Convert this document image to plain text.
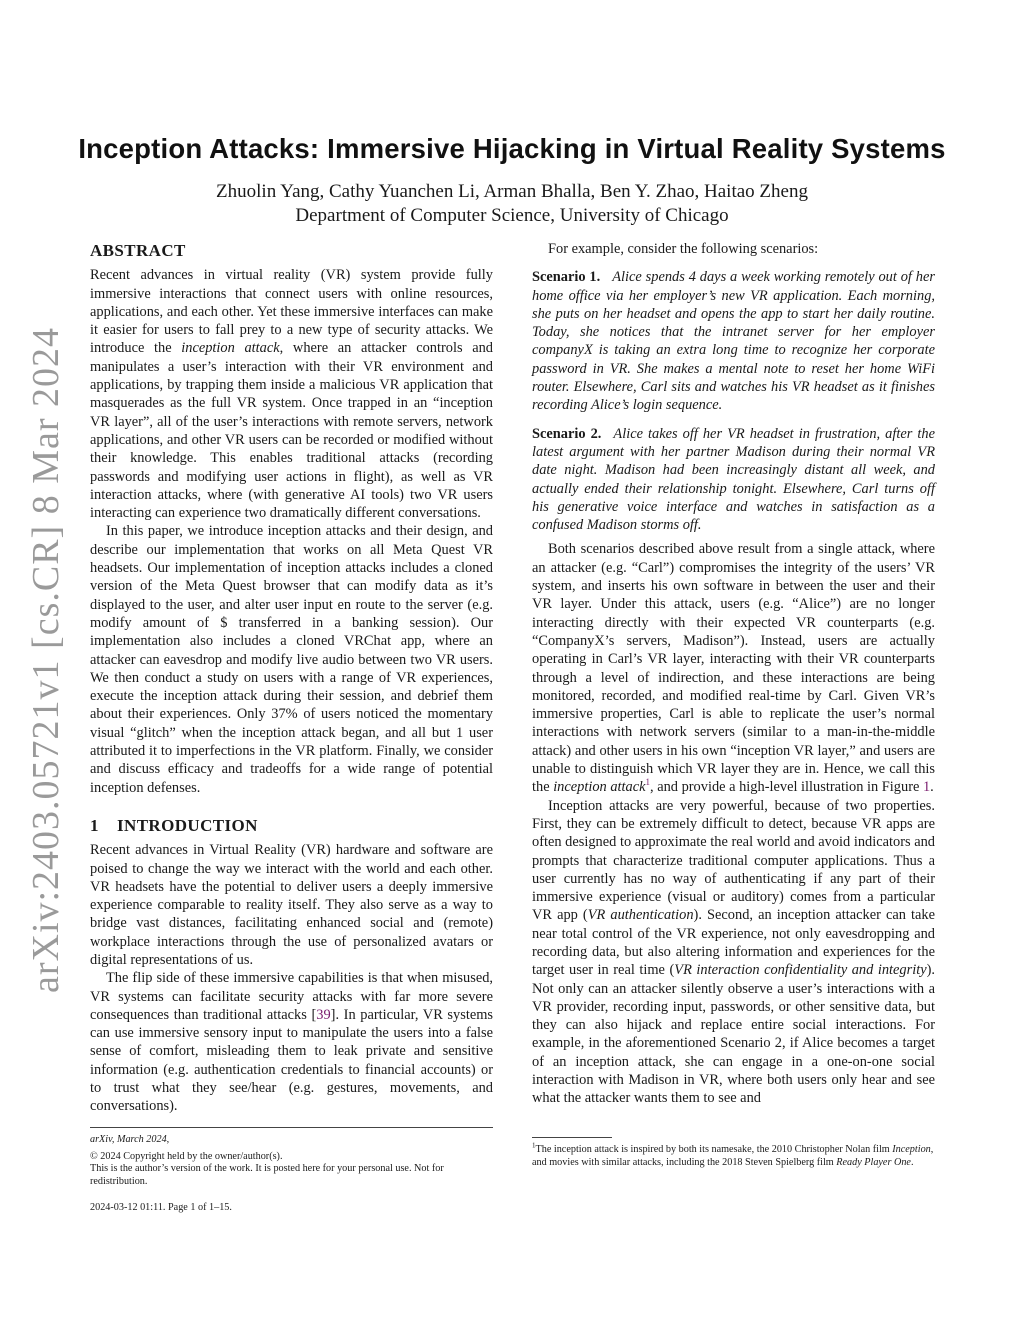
arXiv:2403.05721v1 [cs.CR] 8 Mar 2024
Inception Attacks: Immersive Hijacking in Virtual Reality Systems
Zhuolin Yang, Cathy Yuanchen Li, Arman Bhalla, Ben Y. Zhao, Haitao Zheng
Department of Computer Science, University of Chicago
ABSTRACT

Recent advances in virtual reality (VR) system provide fully immersive interactions that connect users with online resources, applications, and each other. Yet these immersive interfaces can make it easier for users to fall prey to a new type of security attacks. We introduce the inception attack, where an attacker controls and manipulates a user’s interaction with their VR environment and applications, by trapping them inside a malicious VR application that masquerades as the full VR system. Once trapped in an “inception VR layer”, all of the user’s interactions with remote servers, network applications, and other VR users can be recorded or modified without their knowledge. This enables traditional attacks (recording passwords and modifying user actions in flight), as well as VR interaction attacks, where (with generative AI tools) two VR users interacting can experience two dramatically different conversations.

In this paper, we introduce inception attacks and their design, and describe our implementation that works on all Meta Quest VR headsets. Our implementation of inception attacks includes a cloned version of the Meta Quest browser that can modify data as it’s displayed to the user, and alter user input en route to the server (e.g. modify amount of $ transferred in a banking session). Our implementation also includes a cloned VRChat app, where an attacker can eavesdrop and modify live audio between two VR users. We then conduct a study on users with a range of VR experiences, execute the inception attack during their session, and debrief them about their experiences. Only 37% of users noticed the momentary visual “glitch” when the inception attack began, and all but 1 user attributed it to imperfections in the VR platform. Finally, we consider and discuss efficacy and tradeoffs for a wide range of potential inception defenses.

1 INTRODUCTION

Recent advances in Virtual Reality (VR) hardware and software are poised to change the way we interact with the world and each other. VR headsets have the potential to deliver users a deeply immersive experience comparable to reality itself. They also serve as a way to bridge vast distances, facilitating enhanced social and (remote) workplace interactions through the use of personalized avatars or digital representations of us.

The flip side of these immersive capabilities is that when misused, VR systems can facilitate security attacks with far more severe consequences than traditional attacks [39]. In particular, VR systems can use immersive sensory input to manipulate the users into a false sense of comfort, misleading them to leak private and sensitive information (e.g. authentication credentials to financial accounts) or to trust what they see/hear (e.g. gestures, movements, and conversations).

For example, consider the following scenarios:

Scenario 1. Alice spends 4 days a week working remotely out of her home office via her employer’s new VR application. Each morning, she puts on her headset and opens the app to start her daily routine. Today, she notices that the intranet server for her employer companyX is taking an extra long time to recognize her corporate password in VR. She makes a mental note to reset her home WiFi router. Elsewhere, Carl sits and watches his VR headset as it finishes recording Alice’s login sequence.

Scenario 2. Alice takes off her VR headset in frustration, after the latest argument with her partner Madison during their normal VR date night. Madison had been increasingly distant all week, and actually ended their relationship tonight. Elsewhere, Carl turns off his generative voice interface and watches in satisfaction as a confused Madison storms off.

Both scenarios described above result from a single attack, where an attacker (e.g. “Carl”) compromises the integrity of the users’ VR system, and inserts his own software in between the user and their VR layer. Under this attack, users (e.g. “Alice”) are no longer interacting directly with their expected VR counterparts (e.g. “CompanyX’s servers, Madison”). Instead, users are actually operating in Carl’s VR layer, interacting with their VR counterparts through a level of indirection, and these interactions are being monitored, recorded, and modified real-time by Carl. Given VR’s immersive properties, Carl is able to replicate the user’s normal interactions with network servers (similar to a man-in-the-middle attack) and other users in his own “inception VR layer,” and users are unable to distinguish which VR layer they are in. Hence, we call this the inception attack$^1$, and provide a high-level illustration in Figure 1.

Inception attacks are very powerful, because of two properties. First, they can be extremely difficult to detect, because VR apps are often designed to approximate the real world and avoid indicators and prompts that characterize traditional computer applications. Thus a user currently has no way of authenticating if any part of their immersive experience (visual or auditory) comes from a particular VR app (VR authentication). Second, an inception attacker can take near total control of the VR experience, not only eavesdropping and recording data, but also altering information and experiences for the target user in real time (VR interaction confidentiality and integrity). Not only can an attacker silently observe a user’s interactions with a VR provider, recording input, passwords, or other sensitive data, but they can also hijack and replace entire social interactions. For example, in the aforementioned Scenario 2, if Alice becomes a target of an inception attack, she can engage in a one-on-one social interaction with Madison in VR, where both users only hear and see what the attacker wants them to see and

arXiv, March 2024,
© 2024 Copyright held by the owner/author(s).
This is the author’s version of the work. It is posted here for your personal use. Not for redistribution.
2024-03-12 01:11. Page 1 of 1–15.
$^1$The inception attack is inspired by both its namesake, the 2010 Christopher Nolan film Inception, and movies with similar attacks, including the 2018 Steven Spielberg film Ready Player One.
